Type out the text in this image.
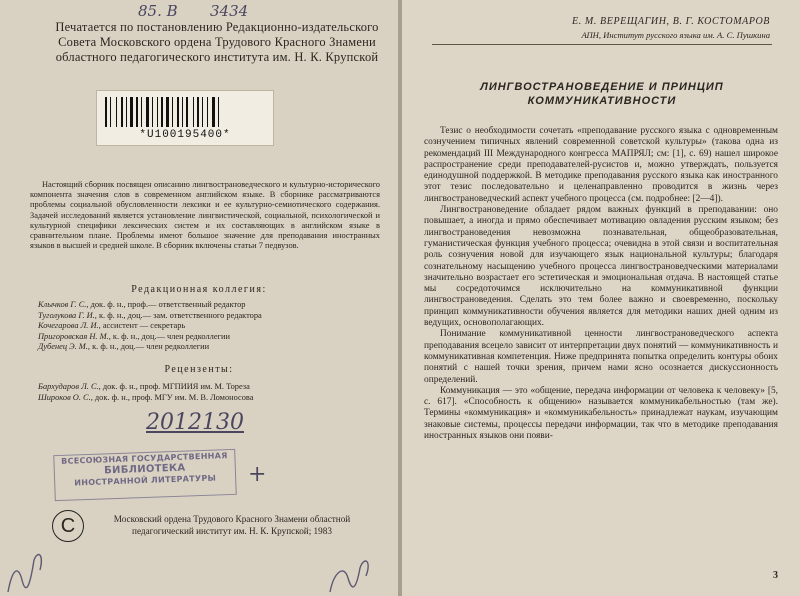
85. В 3434
Печатается по постановлению Редакционно-издательского Совета Московского ордена Трудового Красного Знамени областного педагогического института им. Н. К. Крупской
*U100195400*
Настоящий сборник посвящен описанию лингвострановедческого и культурно-исторического компонента значения слов в современном английском языке. В сборнике рассматриваются проблемы социальной обусловленности лексики и ее культурно-семиотического содержания. Задачей исследований является установление лингвистической, социальной, психологической и культурной специфики лексических систем и их составляющих в английском языке в сравнительном плане. Проблемы имеют большое значение для преподавания иностранных языков в высшей и средней школе. В сборник включены статьи 7 педвузов.
Редакционная коллегия:
Клычков Г. С., док. ф. н., проф.— ответственный редактор
Туголукова Г. И., к. ф. н., доц.— зам. ответственного редактора
Кочегарова Л. И., ассистент — секретарь
Пригоровская Н. М., к. ф. н., доц.— член редколлегии
Дубенец Э. М., к. ф. н., доц.— член редколлегии
Рецензенты:
Бархударов Л. С., док. ф. н., проф. МГПИИЯ им. М. Тореза
Широков О. С., док. ф. н., проф. МГУ им. М. В. Ломоносова
2012130
ВСЕСОЮЗНАЯ ГОСУДАРСТВЕННАЯ
БИБЛИОТЕКА
ИНОСТРАННОЙ ЛИТЕРАТУРЫ	+
C	Московский ордена Трудового Красного Знамени областной педагогический институт им. Н. К. Крупской; 1983
Е. М. ВЕРЕЩАГИН, В. Г. КОСТОМАРОВ
АПН, Институт русского языка им. А. С. Пушкина
ЛИНГВОСТРАНОВЕДЕНИЕ И ПРИНЦИП
КОММУНИКАТИВНОСТИ

Тезис о необходимости сочетать «преподавание русского языка с одновременным сознучением типичных явлений современной советской культуры» (такова одна из рекомендаций III Международного конгресса МАПРЯЛ; см: [1], с. 69) нашел широкое распространение среди преподавателей-русистов и, можно утверждать, пользуется единодушной поддержкой. В методике преподавания русского языка как иностранного этот тезис последовательно и целенаправленно проводится в жизнь через лингвострановедческий аспект учебного процесса (см. подробнее: [2—4]).

Лингвострановедение обладает рядом важных функций в преподавании: оно повышает, а иногда и прямо обеспечивает мотивацию овладения русским языком; без лингвострановедения невозможна познавательная, общеобразовательная, гуманистическая функция учебного процесса; очевидна в этой связи и воспитательная роль сознучения новой для изучающего язык национальной культуры; благодаря сознательному насыщению учебного процесса лингвострановедческими материалами значительно возрастает его эстетическая и эмоциональная отдача. В настоящей статье мы сосредоточимся исключительно на коммуникативной функции лингвострановедения. Сделать это тем более важно и своевременно, поскольку принцип коммуникативности обучения является для методики наших дней одним из ведущих, основополагающих.

Понимание коммуникативной ценности лингвострановедческого аспекта преподавания всецело зависит от интерпретации двух понятий — коммуникативность и коммуникативная компетенция. Ниже предпринята попытка определить контуры обоих понятий с нашей точки зрения, причем нами ясно осознается дискуссионность определений.

Коммуникация — это «общение, передача информации от человека к человеку» [5, с. 617]. «Способность к общению» называется коммуникабельностью (там же). Термины «коммуникация» и «коммуникабельность» принадлежат наукам, изучающим знаковые системы, процессы передачи информации, так что в методике преподавания иностранных языков они появи-

3
